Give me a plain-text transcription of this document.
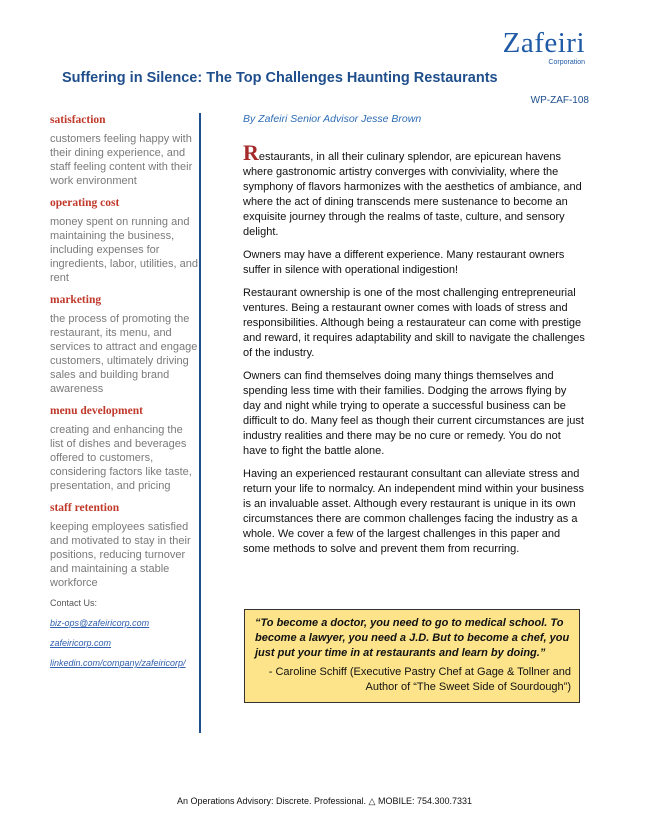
Zafeiri
Corporation
Suffering in Silence: The Top Challenges Haunting Restaurants
WP-ZAF-108
satisfaction
customers feeling happy with their dining experience, and staff feeling content with their work environment
operating cost
money spent on running and maintaining the business, including expenses for ingredients, labor, utilities, and rent
marketing
the process of promoting the restaurant, its menu, and services to attract and engage customers, ultimately driving sales and building brand awareness
menu development
creating and enhancing the list of dishes and beverages offered to customers, considering factors like taste, presentation, and pricing
staff retention
keeping employees satisfied and motivated to stay in their positions, reducing turnover and maintaining a stable workforce
Contact Us:
biz-ops@zafeiricorp.com
zafeiricorp.com
linkedin.com/company/zafeiricorp/
By Zafeiri Senior Advisor Jesse Brown

Restaurants, in all their culinary splendor, are epicurean havens where gastronomic artistry converges with conviviality, where the symphony of flavors harmonizes with the aesthetics of ambiance, and where the act of dining transcends mere sustenance to become an exquisite journey through the realms of taste, culture, and sensory delight.

Owners may have a different experience. Many restaurant owners suffer in silence with operational indigestion!

Restaurant ownership is one of the most challenging entrepreneurial ventures. Being a restaurant owner comes with loads of stress and responsibilities. Although being a restaurateur can come with prestige and reward, it requires adaptability and skill to navigate the challenges of the industry.

Owners can find themselves doing many things themselves and spending less time with their families. Dodging the arrows flying by day and night while trying to operate a successful business can be difficult to do. Many feel as though their current circumstances are just industry realities and there may be no cure or remedy. You do not have to fight the battle alone.

Having an experienced restaurant consultant can alleviate stress and return your life to normalcy. An independent mind within your business is an invaluable asset. Although every restaurant is unique in its own circumstances there are common challenges facing the industry as a whole. We cover a few of the largest challenges in this paper and some methods to solve and prevent them from recurring.

“To become a doctor, you need to go to medical school. To become a lawyer, you need a J.D. But to become a chef, you just put your time in at restaurants and learn by doing.”
- Caroline Schiff (Executive Pastry Chef at Gage & Tollner and
Author of “The Sweet Side of Sourdough”)
An Operations Advisory: Discrete. Professional. △ MOBILE: 754.300.7331
